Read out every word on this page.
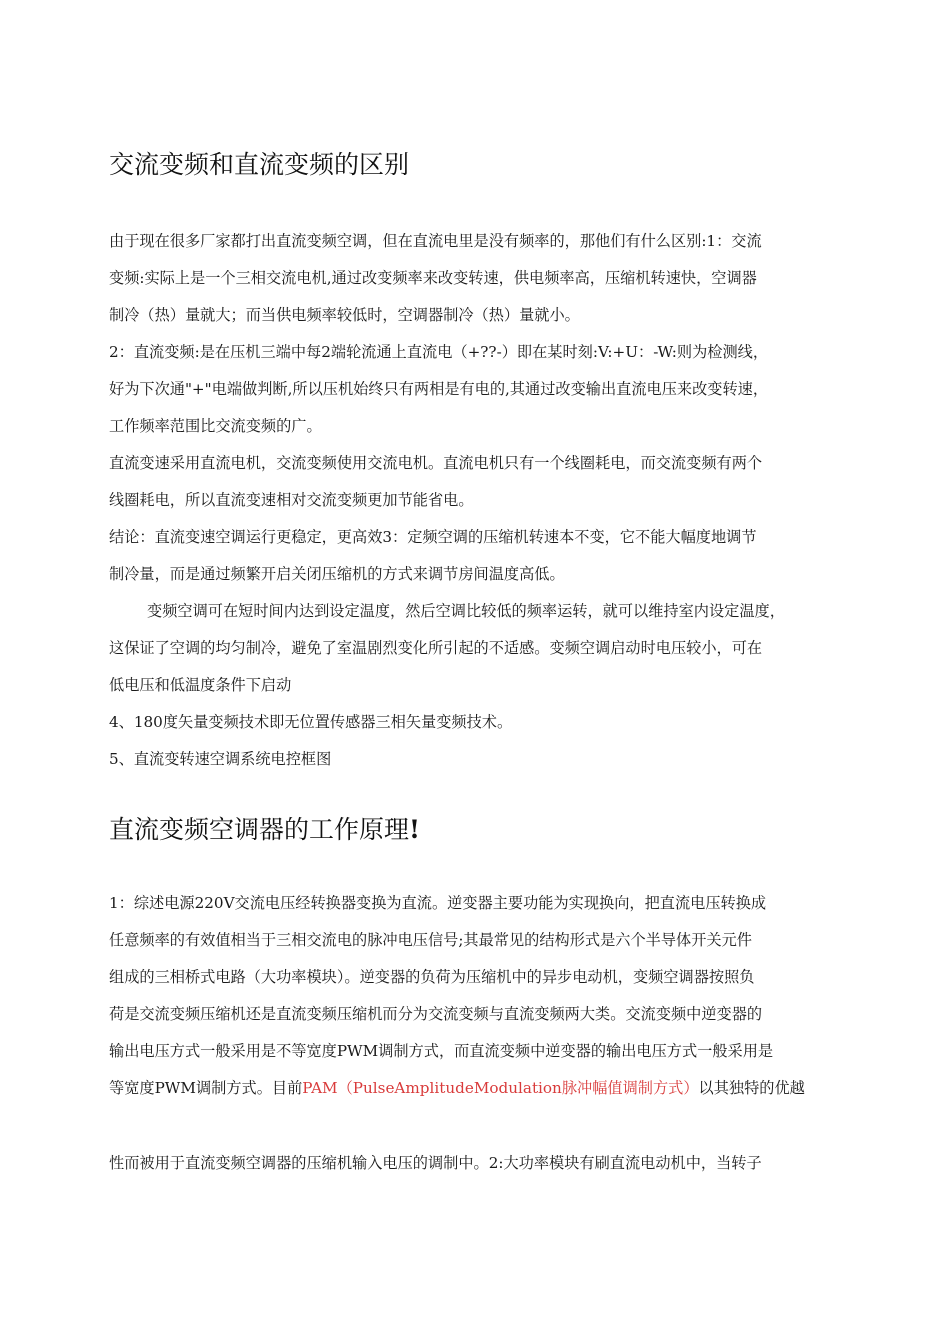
交流变频和直流变频的区别
由于现在很多厂家都打出直流变频空调，但在直流电里是没有频率的，那他们有什么区别:1：交流
变频:实际上是一个三相交流电机,通过改变频率来改变转速，供电频率高，压缩机转速快，空调器
制冷（热）量就大；而当供电频率较低时，空调器制冷（热）量就小。
2：直流变频:是在压机三端中每2端轮流通上直流电（+??-）即在某时刻:V:+U：-W:则为检测线，
好为下次通"+"电端做判断,所以压机始终只有两相是有电的,其通过改变输出直流电压来改变转速，
工作频率范围比交流变频的广。
直流变速采用直流电机，交流变频使用交流电机。直流电机只有一个线圈耗电，而交流变频有两个
线圈耗电，所以直流变速相对交流变频更加节能省电。
结论：直流变速空调运行更稳定，更高效3：定频空调的压缩机转速本不变，它不能大幅度地调节
制冷量，而是通过频繁开启关闭压缩机的方式来调节房间温度高低。
变频空调可在短时间内达到设定温度，然后空调比较低的频率运转，就可以维持室内设定温度，
这保证了空调的均匀制冷，避免了室温剧烈变化所引起的不适感。变频空调启动时电压较小，可在
低电压和低温度条件下启动
4、180度矢量变频技术即无位置传感器三相矢量变频技术。
5、直流变转速空调系统电控框图
直流变频空调器的工作原理!
1：综述电源220V交流电压经转换器变换为直流。逆变器主要功能为实现换向，把直流电压转换成
任意频率的有效值相当于三相交流电的脉冲电压信号;其最常见的结构形式是六个半导体开关元件
组成的三相桥式电路（大功率模块）。逆变器的负荷为压缩机中的异步电动机，变频空调器按照负
荷是交流变频压缩机还是直流变频压缩机而分为交流变频与直流变频两大类。交流变频中逆变器的
输出电压方式一般采用是不等宽度PWM调制方式，而直流变频中逆变器的输出电压方式一般采用是
等宽度PWM调制方式。目前PAM（PulseAmplitudeModulation脉冲幅值调制方式）以其独特的优越
性而被用于直流变频空调器的压缩机输入电压的调制中。2:大功率模块有刷直流电动机中，当转子
